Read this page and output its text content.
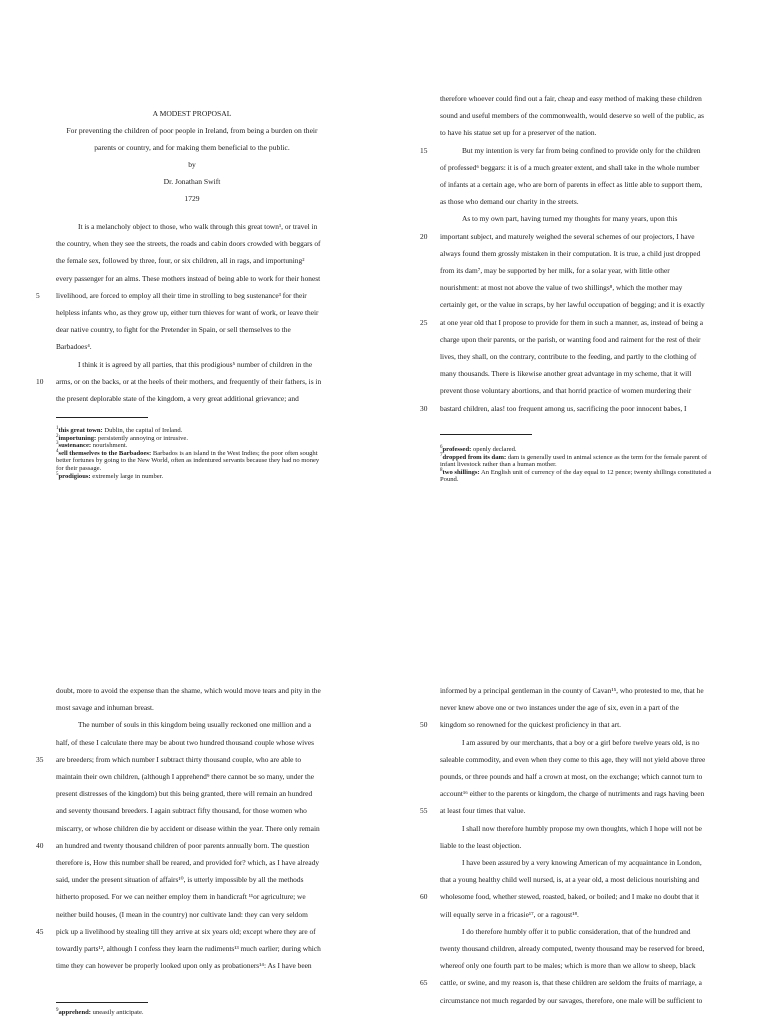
A MODEST PROPOSAL
For preventing the children of poor people in Ireland, from being a burden on their
parents or country, and for making them beneficial to the public.
by
Dr. Jonathan Swift
1729
It is a melancholy object to those, who walk through this great town¹, or travel in
the country, when they see the streets, the roads and cabin doors crowded with beggars of
the female sex, followed by three, four, or six children, all in rags, and importuning²
every passenger for an alms. These mothers instead of being able to work for their honest
livelihood, are forced to employ all their time in strolling to beg sustenance³ for their
5
helpless infants who, as they grow up, either turn thieves for want of work, or leave their
dear native country, to fight for the Pretender in Spain, or sell themselves to the
Barbadoes⁴.
I think it is agreed by all parties, that this prodigious⁵ number of children in the
arms, or on the backs, or at the heels of their mothers, and frequently of their fathers, is in
10
the present deplorable state of the kingdom, a very great additional grievance; and
$^1$this great town: Dublin, the capital of Ireland.
$^2$importuning: persistently annoying or intrusive.
$^3$sustenance: nourishment.
$^4$sell themselves to the Barbadoes: Barbados is an island in the West Indies; the poor often sought better fortunes by going to the New World, often as indentured servants because they had no money for their passage.
$^5$prodigious: extremely large in number.
therefore whoever could find out a fair, cheap and easy method of making these children
sound and useful members of the commonwealth, would deserve so well of the public, as
to have his statue set up for a preserver of the nation.
But my intention is very far from being confined to provide only for the children
15
of professed⁶ beggars: it is of a much greater extent, and shall take in the whole number
of infants at a certain age, who are born of parents in effect as little able to support them,
as those who demand our charity in the streets.
As to my own part, having turned my thoughts for many years, upon this
important subject, and maturely weighed the several schemes of our projectors, I have
20
always found them grossly mistaken in their computation. It is true, a child just dropped
from its dam⁷, may be supported by her milk, for a solar year, with little other
nourishment: at most not above the value of two shillings⁸, which the mother may
certainly get, or the value in scraps, by her lawful occupation of begging; and it is exactly
at one year old that I propose to provide for them in such a manner, as, instead of being a
25
charge upon their parents, or the parish, or wanting food and raiment for the rest of their
lives, they shall, on the contrary, contribute to the feeding, and partly to the clothing of
many thousands. There is likewise another great advantage in my scheme, that it will
prevent those voluntary abortions, and that horrid practice of women murdering their
bastard children, alas! too frequent among us, sacrificing the poor innocent babes, I
30
$^6$professed: openly declared.
$^7$dropped from its dam: dam is generally used in animal science as the term for the female parent of infant livestock rather than a human mother.
$^8$two shillings: An English unit of currency of the day equal to 12 pence; twenty shillings constituted a Pound.
doubt, more to avoid the expense than the shame, which would move tears and pity in the
most savage and inhuman breast.
The number of souls in this kingdom being usually reckoned one million and a
half, of these I calculate there may be about two hundred thousand couple whose wives
are breeders; from which number I subtract thirty thousand couple, who are able to
35
maintain their own children, (although I apprehend⁹ there cannot be so many, under the
present distresses of the kingdom) but this being granted, there will remain an hundred
and seventy thousand breeders. I again subtract fifty thousand, for those women who
miscarry, or whose children die by accident or disease within the year. There only remain
an hundred and twenty thousand children of poor parents annually born. The question
40
therefore is, How this number shall be reared, and provided for? which, as I have already
said, under the present situation of affairs¹⁰, is utterly impossible by all the methods
hitherto proposed. For we can neither employ them in handicraft ¹¹or agriculture; we
neither build houses, (I mean in the country) nor cultivate land: they can very seldom
pick up a livelihood by stealing till they arrive at six years old; except where they are of
45
towardly parts¹², although I confess they learn the rudiments¹³ much earlier; during which
time they can however be properly looked upon only as probationers¹⁴: As I have been
$^9$apprehend: uneasily anticipate.
informed by a principal gentleman in the county of Cavan¹⁵, who protested to me, that he
never knew above one or two instances under the age of six, even in a part of the
kingdom so renowned for the quickest proficiency in that art.
50
I am assured by our merchants, that a boy or a girl before twelve years old, is no
saleable commodity, and even when they come to this age, they will not yield above three
pounds, or three pounds and half a crown at most, on the exchange; which cannot turn to
account¹⁶ either to the parents or kingdom, the charge of nutriments and rags having been
at least four times that value.
55
I shall now therefore humbly propose my own thoughts, which I hope will not be
liable to the least objection.
I have been assured by a very knowing American of my acquaintance in London,
that a young healthy child well nursed, is, at a year old, a most delicious nourishing and
wholesome food, whether stewed, roasted, baked, or boiled; and I make no doubt that it
60
will equally serve in a fricasie¹⁷, or a ragoust¹⁸.
I do therefore humbly offer it to public consideration, that of the hundred and
twenty thousand children, already computed, twenty thousand may be reserved for breed,
whereof only one fourth part to be males; which is more than we allow to sheep, black
cattle, or swine, and my reason is, that these children are seldom the fruits of marriage, a
65
circumstance not much regarded by our savages, therefore, one male will be sufficient to
